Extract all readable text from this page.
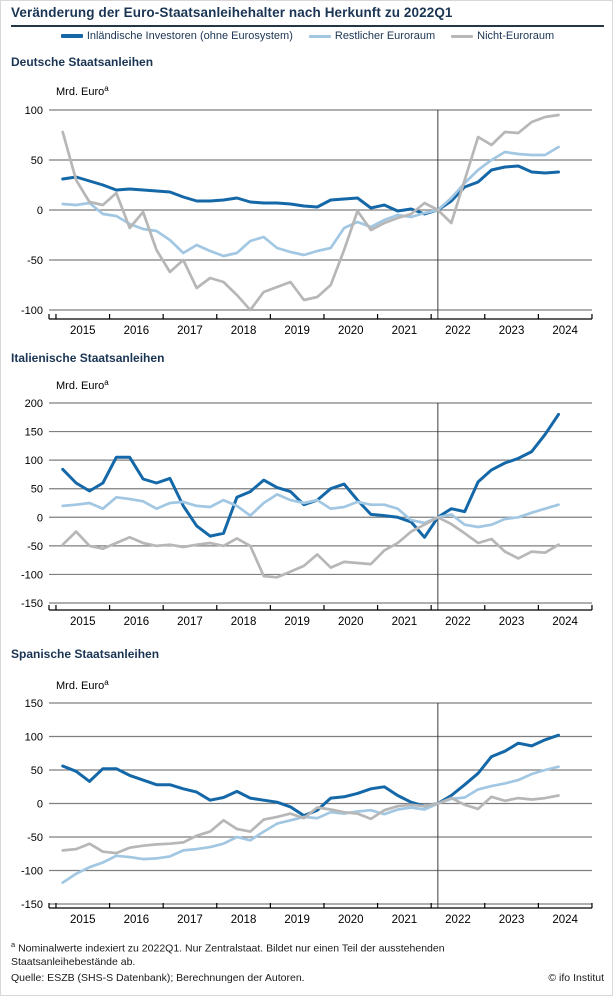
Veränderung der Euro-Staatsanleihehalter nach Herkunft zu 2022Q1
Inländische Investoren (ohne Eurosystem)	Restlicher Euroraum	Nicht-Euroraum
Deutsche Staatsanleihen
100
50
0
-50
-100
Mrd. Euro$^a$
2015 2016 2017 2018 2019 2020 2021 2022 2023 2024
Italienische Staatsanleihen
200
150
100
50
0
-50
-100
-150
Mrd. Euro$^a$
2015 2016 2017 2018 2019 2020 2021 2022 2023 2024
Spanische Staatsanleihen
150
100
50
0
-50
-100
-150
Mrd. Euro$^a$
2015 2016 2017 2018 2019 2020 2021 2022 2023 2024
$^a$ Nominalwerte indexiert zu 2022Q1. Nur Zentralstaat. Bildet nur einen Teil der ausstehenden
Staatsanleihebestände ab.
Quelle: ESZB (SHS-S Datenbank); Berechnungen der Autoren.	© ifo Institut
